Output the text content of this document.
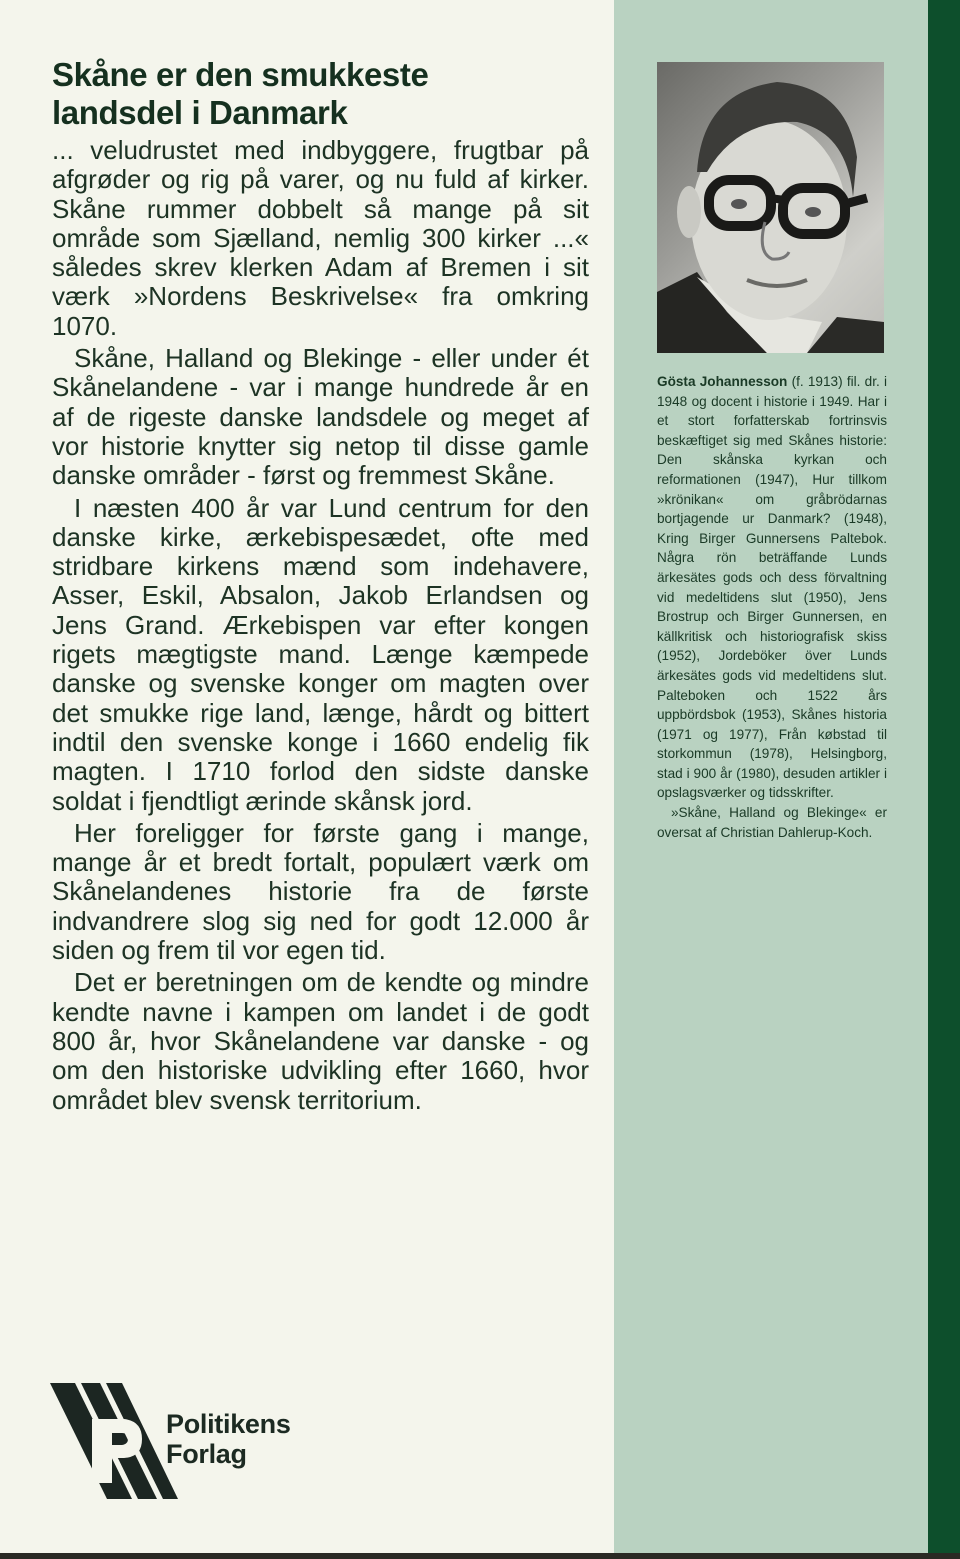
Skåne er den smukkeste
landsdel i Danmark

... veludrustet med indbyggere, frugtbar på afgrøder og rig på varer, og nu fuld af kirker. Skåne rummer dobbelt så mange på sit område som Sjælland, nemlig 300 kirker ...« således skrev klerken Adam af Bremen i sit værk »Nordens Beskrivelse« fra omkring 1070.

Skåne, Halland og Blekinge - eller under ét Skånelandene - var i mange hundrede år en af de rigeste danske landsdele og meget af vor historie knytter sig netop til disse gamle danske områder - først og fremmest Skåne.

I næsten 400 år var Lund centrum for den danske kirke, ærkebispesædet, ofte med stridbare kirkens mænd som indehavere, Asser, Eskil, Absalon, Jakob Erlandsen og Jens Grand. Ærkebispen var efter kongen rigets mægtigste mand. Længe kæmpede danske og svenske konger om magten over det smukke rige land, længe, hårdt og bittert indtil den svenske konge i 1660 endelig fik magten. I 1710 forlod den sidste danske soldat i fjendtligt ærinde skånsk jord.

Her foreligger for første gang i mange, mange år et bredt fortalt, populært værk om Skånelandenes historie fra de første indvandrere slog sig ned for godt 12.000 år siden og frem til vor egen tid.

Det er beretningen om de kendte og mindre kendte navne i kampen om landet i de godt 800 år, hvor Skånelandene var danske - og om den historiske udvikling efter 1660, hvor området blev svensk territorium.

Gösta Johannesson (f. 1913) fil. dr. i 1948 og docent i historie i 1949. Har i et stort forfatterskab fortrinsvis beskæftiget sig med Skånes historie: Den skånska kyrkan och reformationen (1947), Hur tillkom »krönikan« om gråbrödarnas bortjagende ur Danmark? (1948), Kring Birger Gunnersens Paltebok. Några rön beträffande Lunds ärkesätes gods och dess förvaltning vid medeltidens slut (1950), Jens Brostrup och Birger Gunnersen, en källkritisk och historiografisk skiss (1952), Jordeböker över Lunds ärkesätes gods vid medeltidens slut. Palteboken och 1522 års uppbördsbok (1953), Skånes historia (1971 og 1977), Från købstad til storkommun (1978), Helsingborg, stad i 900 år (1980), desuden artikler i opslagsværker og tidsskrifter.

»Skåne, Halland og Blekinge« er oversat af Christian Dahlerup-Koch.

Politikens
Forlag
